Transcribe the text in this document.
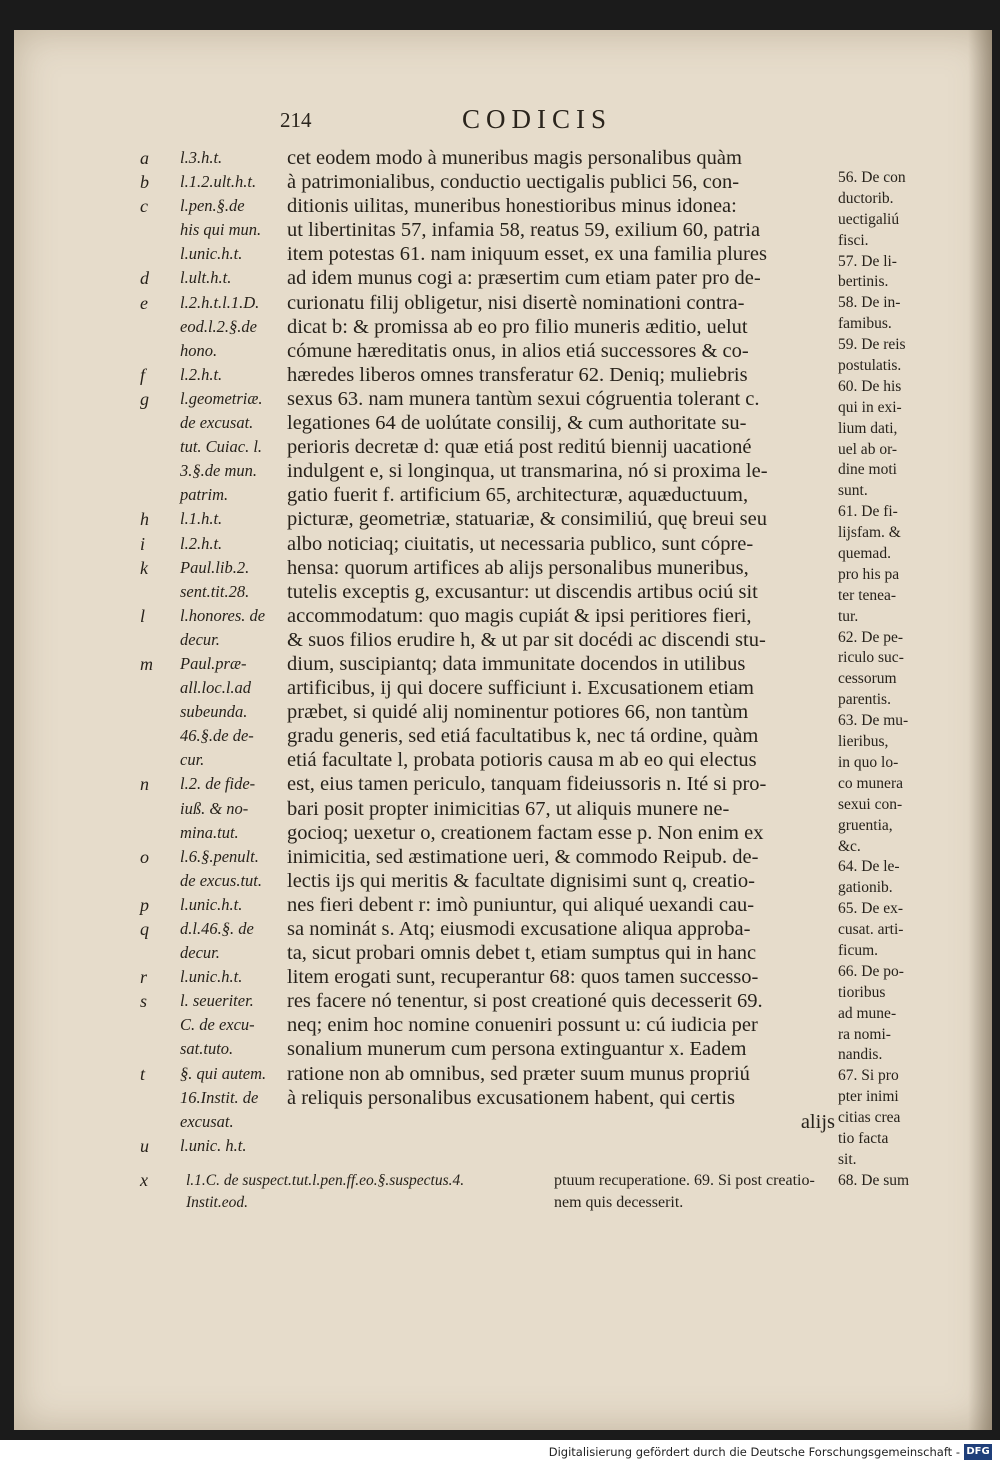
214	CODICIS
a	l.3.h.t.
b	l.1.2.ult.h.t.
c	l.pen.§.de
his qui mun.
l.unic.h.t.
d	l.ult.h.t.
e	l.2.h.t.l.1.D.
eod.l.2.§.de
hono.
f	l.2.h.t.
g	l.geometriæ.
de excusat.
tut. Cuiac. l.
3.§.de mun.
patrim.
h	l.1.h.t.
i	l.2.h.t.
k	Paul.lib.2.
sent.tit.28.
l	l.honores. de
decur.
m	Paul.præ-
all.loc.l.ad
subeunda.
46.§.de de-
cur.
n	l.2. de fide-
iuß. & no-
mina.tut.
o	l.6.§.penult.
de excus.tut.
p	l.unic.h.t.
q	d.l.46.§. de
decur.
r	l.unic.h.t.
s	l. seueriter.
C. de excu-
sat.tuto.
t	§. qui autem.
16.Instit. de
excusat.
u	l.unic. h.t.
cet eodem modo à muneribus magis personalibus quàm
à patrimonialibus, conductio uectigalis publici 56, con-
ditionis uilitas, muneribus honestioribus minus idonea:
ut libertinitas 57, infamia 58, reatus 59, exilium 60, patria
item potestas 61. nam iniquum esset, ex una familia plures
ad idem munus cogi a: præsertim cum etiam pater pro de-
curionatu filij obligetur, nisi disertè nominationi contra-
dicat b: & promissa ab eo pro filio muneris æditio, uelut
cómune hæreditatis onus, in alios etiá successores & co-
hæredes liberos omnes transferatur 62. Deniq; muliebris
sexus 63. nam munera tantùm sexui cógruentia tolerant c.
legationes 64 de uolútate consilij, & cum authoritate su-
perioris decretæ d: quæ etiá post reditú biennij uacationé
indulgent e, si longinqua, ut transmarina, nó si proxima le-
gatio fuerit f. artificium 65, architecturæ, aquæductuum,
picturæ, geometriæ, statuariæ, & consimiliú, quę breui seu
albo noticiaq; ciuitatis, ut necessaria publico, sunt cópre-
hensa: quorum artifices ab alijs personalibus muneribus,
tutelis exceptis g, excusantur: ut discendis artibus ociú sit
accommodatum: quo magis cupiát & ipsi peritiores fieri,
& suos filios erudire h, & ut par sit docédi ac discendi stu-
dium, suscipiantq; data immunitate docendos in utilibus
artificibus, ij qui docere sufficiunt i. Excusationem etiam
præbet, si quidé alij nominentur potiores 66, non tantùm
gradu generis, sed etiá facultatibus k, nec tá ordine, quàm
etiá facultate l, probata potioris causa m ab eo qui electus
est, eius tamen periculo, tanquam fideiussoris n. Ité si pro-
bari posit propter inimicitias 67, ut aliquis munere ne-
gocioq; uexetur o, creationem factam esse p. Non enim ex
inimicitia, sed æstimatione ueri, & commodo Reipub. de-
lectis ijs qui meritis & facultate dignisimi sunt q, creatio-
nes fieri debent r: imò puniuntur, qui aliqué uexandi cau-
sa nominát s. Atq; eiusmodi excusatione aliqua approba-
ta, sicut probari omnis debet t, etiam sumptus qui in hanc
litem erogati sunt, recuperantur 68: quos tamen successo-
res facere nó tenentur, si post creationé quis decesserit 69.
neq; enim hoc nomine conueniri possunt u: cú iudicia per
sonalium munerum cum persona extinguantur x. Eadem
ratione non ab omnibus, sed præter suum munus propriú
à reliquis personalibus excusationem habent, qui certis
alijs
56. De con
ductorib.
uectigaliú
fisci.
57. De li-
bertinis.
58. De in-
famibus.
59. De reis
postulatis.
60. De his
qui in exi-
lium dati,
uel ab or-
dine moti
sunt.
61. De fi-
lijsfam. &
quemad.
pro his pa
ter tenea-
tur.
62. De pe-
riculo suc-
cessorum
parentis.
63. De mu-
lieribus,
in quo lo-
co munera
sexui con-
gruentia,
&c.
64. De le-
gationib.
65. De ex-
cusat. arti-
ficum.
66. De po-
tioribus
ad mune-
ra nomi-
nandis.
67. Si pro
pter inimi
citias crea
tio facta
sit.
68. De sum
x l.1.C. de suspect.tut.l.pen.ff.eo.§.suspectus.4.
Instit.eod.
ptuum recuperatione. 69. Si post creatio-
nem quis decesserit.
Digitalisierung gefördert durch die Deutsche Forschungsgemeinschaft - DFG
